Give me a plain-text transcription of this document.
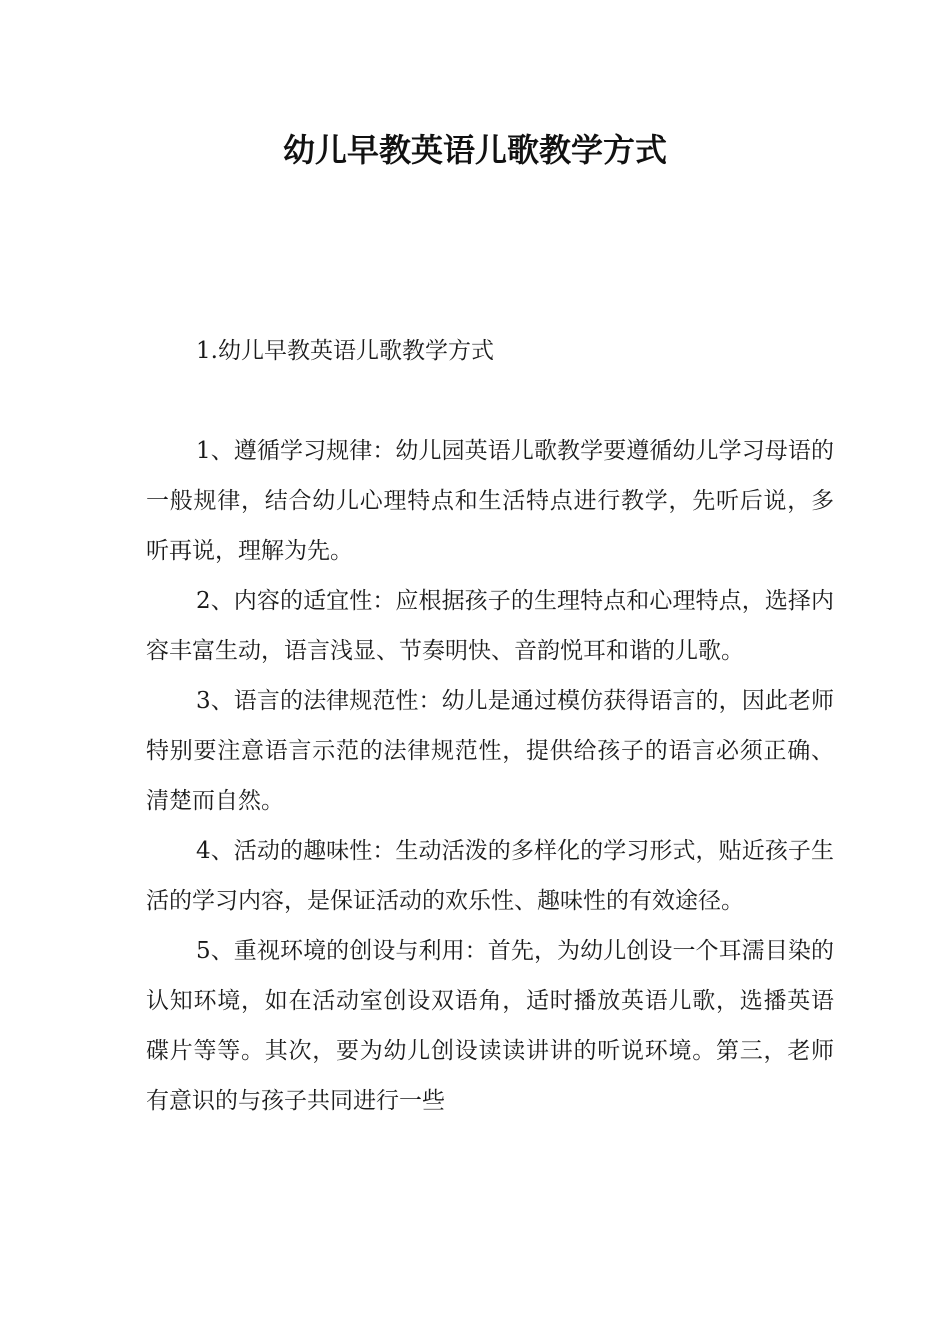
幼儿早教英语儿歌教学方式

1.幼儿早教英语儿歌教学方式

1、遵循学习规律：幼儿园英语儿歌教学要遵循幼儿学习母语的一般规律，结合幼儿心理特点和生活特点进行教学，先听后说，多听再说，理解为先。

2、内容的适宜性：应根据孩子的生理特点和心理特点，选择内容丰富生动，语言浅显、节奏明快、音韵悦耳和谐的儿歌。

3、语言的法律规范性：幼儿是通过模仿获得语言的，因此老师特别要注意语言示范的法律规范性，提供给孩子的语言必须正确、清楚而自然。

4、活动的趣味性：生动活泼的多样化的学习形式，贴近孩子生活的学习内容，是保证活动的欢乐性、趣味性的有效途径。

5、重视环境的创设与利用：首先，为幼儿创设一个耳濡目染的认知环境，如在活动室创设双语角，适时播放英语儿歌，选播英语碟片等等。其次，要为幼儿创设读读讲讲的听说环境。第三，老师有意识的与孩子共同进行一些
